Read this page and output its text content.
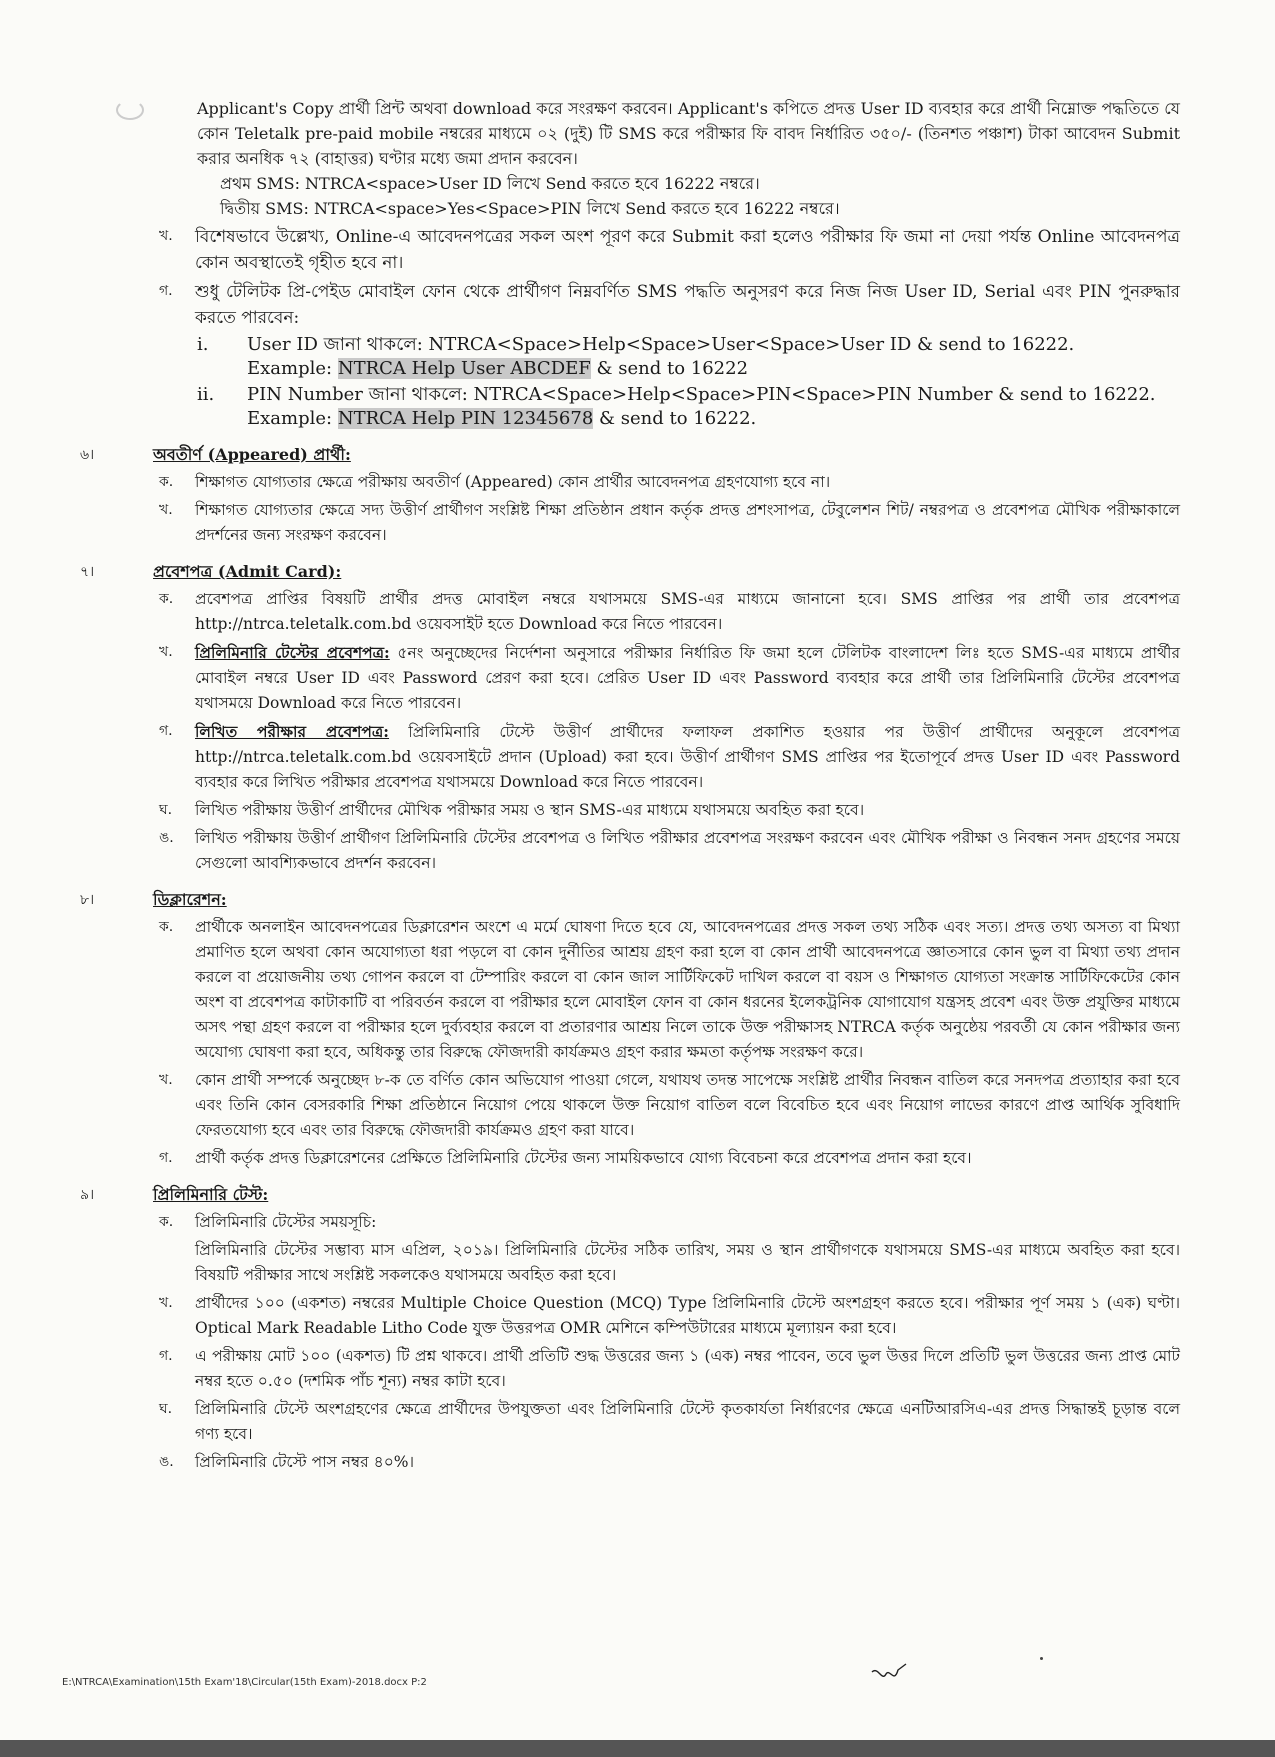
Applicant's Copy প্রার্থী প্রিন্ট অথবা download করে সংরক্ষণ করবেন। Applicant's কপিতে প্রদত্ত User ID ব্যবহার করে প্রার্থী নিম্নোক্ত পদ্ধতিতে যে কোন Teletalk pre-paid mobile নম্বরের মাধ্যমে ০২ (দুই) টি SMS করে পরীক্ষার ফি বাবদ নির্ধারিত ৩৫০/- (তিনশত পঞ্চাশ) টাকা আবেদন Submit করার অনধিক ৭২ (বাহাত্তর) ঘণ্টার মধ্যে জমা প্রদান করবেন।

প্রথম SMS: NTRCA<space>User ID লিখে Send করতে হবে 16222 নম্বরে।

দ্বিতীয় SMS: NTRCA<space>Yes<Space>PIN লিখে Send করতে হবে 16222 নম্বরে।

খ. বিশেষভাবে উল্লেখ্য, Online-এ আবেদনপত্রের সকল অংশ পূরণ করে Submit করা হলেও পরীক্ষার ফি জমা না দেয়া পর্যন্ত Online আবেদনপত্র কোন অবস্থাতেই গৃহীত হবে না।

গ. শুধু টেলিটক প্রি-পেইড মোবাইল ফোন থেকে প্রার্থীগণ নিম্নবর্ণিত SMS পদ্ধতি অনুসরণ করে নিজ নিজ User ID, Serial এবং PIN পুনরুদ্ধার করতে পারবেন:

i. User ID জানা থাকলে: NTRCA<Space>Help<Space>User<Space>User ID & send to 16222.

Example: NTRCA Help User ABCDEF & send to 16222

ii. PIN Number জানা থাকলে: NTRCA<Space>Help<Space>PIN<Space>PIN Number & send to 16222.

Example: NTRCA Help PIN 12345678 & send to 16222.

৬।	অবতীর্ণ (Appeared) প্রার্থী:

ক. শিক্ষাগত যোগ্যতার ক্ষেত্রে পরীক্ষায় অবতীর্ণ (Appeared) কোন প্রার্থীর আবেদনপত্র গ্রহণযোগ্য হবে না।

খ. শিক্ষাগত যোগ্যতার ক্ষেত্রে সদ্য উত্তীর্ণ প্রার্থীগণ সংশ্লিষ্ট শিক্ষা প্রতিষ্ঠান প্রধান কর্তৃক প্রদত্ত প্রশংসাপত্র, টেবুলেশন শিট/ নম্বরপত্র ও প্রবেশপত্র মৌখিক পরীক্ষাকালে প্রদর্শনের জন্য সংরক্ষণ করবেন।

৭।	প্রবেশপত্র (Admit Card):

ক. প্রবেশপত্র প্রাপ্তির বিষয়টি প্রার্থীর প্রদত্ত মোবাইল নম্বরে যথাসময়ে SMS-এর মাধ্যমে জানানো হবে। SMS প্রাপ্তির পর প্রার্থী তার প্রবেশপত্র http://ntrca.teletalk.com.bd ওয়েবসাইট হতে Download করে নিতে পারবেন।

খ. প্রিলিমিনারি টেস্টের প্রবেশপত্র: ৫নং অনুচ্ছেদের নির্দেশনা অনুসারে পরীক্ষার নির্ধারিত ফি জমা হলে টেলিটক বাংলাদেশ লিঃ হতে SMS-এর মাধ্যমে প্রার্থীর মোবাইল নম্বরে User ID এবং Password প্রেরণ করা হবে। প্রেরিত User ID এবং Password ব্যবহার করে প্রার্থী তার প্রিলিমিনারি টেস্টের প্রবেশপত্র যথাসময়ে Download করে নিতে পারবেন।

গ. লিখিত পরীক্ষার প্রবেশপত্র: প্রিলিমিনারি টেস্টে উত্তীর্ণ প্রার্থীদের ফলাফল প্রকাশিত হওয়ার পর উত্তীর্ণ প্রার্থীদের অনুকূলে প্রবেশপত্র http://ntrca.teletalk.com.bd ওয়েবসাইটে প্রদান (Upload) করা হবে। উত্তীর্ণ প্রার্থীগণ SMS প্রাপ্তির পর ইতোপূর্বে প্রদত্ত User ID এবং Password ব্যবহার করে লিখিত পরীক্ষার প্রবেশপত্র যথাসময়ে Download করে নিতে পারবেন।

ঘ. লিখিত পরীক্ষায় উত্তীর্ণ প্রার্থীদের মৌখিক পরীক্ষার সময় ও স্থান SMS-এর মাধ্যমে যথাসময়ে অবহিত করা হবে।

ঙ. লিখিত পরীক্ষায় উত্তীর্ণ প্রার্থীগণ প্রিলিমিনারি টেস্টের প্রবেশপত্র ও লিখিত পরীক্ষার প্রবেশপত্র সংরক্ষণ করবেন এবং মৌখিক পরীক্ষা ও নিবন্ধন সনদ গ্রহণের সময়ে সেগুলো আবশ্যিকভাবে প্রদর্শন করবেন।

৮।	ডিক্লারেশন:

ক. প্রার্থীকে অনলাইন আবেদনপত্রের ডিক্লারেশন অংশে এ মর্মে ঘোষণা দিতে হবে যে, আবেদনপত্রের প্রদত্ত সকল তথ্য সঠিক এবং সত্য। প্রদত্ত তথ্য অসত্য বা মিথ্যা প্রমাণিত হলে অথবা কোন অযোগ্যতা ধরা পড়লে বা কোন দুর্নীতির আশ্রয় গ্রহণ করা হলে বা কোন প্রার্থী আবেদনপত্রে জ্ঞাতসারে কোন ভুল বা মিথ্যা তথ্য প্রদান করলে বা প্রয়োজনীয় তথ্য গোপন করলে বা টেম্পারিং করলে বা কোন জাল সার্টিফিকেট দাখিল করলে বা বয়স ও শিক্ষাগত যোগ্যতা সংক্রান্ত সার্টিফিকেটের কোন অংশ বা প্রবেশপত্র কাটাকাটি বা পরিবর্তন করলে বা পরীক্ষার হলে মোবাইল ফোন বা কোন ধরনের ইলেকট্রনিক যোগাযোগ যন্ত্রসহ প্রবেশ এবং উক্ত প্রযুক্তির মাধ্যমে অসৎ পন্থা গ্রহণ করলে বা পরীক্ষার হলে দুর্ব্যবহার করলে বা প্রতারণার আশ্রয় নিলে তাকে উক্ত পরীক্ষাসহ NTRCA কর্তৃক অনুষ্ঠেয় পরবর্তী যে কোন পরীক্ষার জন্য অযোগ্য ঘোষণা করা হবে, অধিকন্তু তার বিরুদ্ধে ফৌজদারী কার্যক্রমও গ্রহণ করার ক্ষমতা কর্তৃপক্ষ সংরক্ষণ করে।

খ. কোন প্রার্থী সম্পর্কে অনুচ্ছেদ ৮-ক তে বর্ণিত কোন অভিযোগ পাওয়া গেলে, যথাযথ তদন্ত সাপেক্ষে সংশ্লিষ্ট প্রার্থীর নিবন্ধন বাতিল করে সনদপত্র প্রত্যাহার করা হবে এবং তিনি কোন বেসরকারি শিক্ষা প্রতিষ্ঠানে নিয়োগ পেয়ে থাকলে উক্ত নিয়োগ বাতিল বলে বিবেচিত হবে এবং নিয়োগ লাভের কারণে প্রাপ্ত আর্থিক সুবিধাদি ফেরতযোগ্য হবে এবং তার বিরুদ্ধে ফৌজদারী কার্যক্রমও গ্রহণ করা যাবে।

গ. প্রার্থী কর্তৃক প্রদত্ত ডিক্লারেশনের প্রেক্ষিতে প্রিলিমিনারি টেস্টের জন্য সাময়িকভাবে যোগ্য বিবেচনা করে প্রবেশপত্র প্রদান করা হবে।

৯।	প্রিলিমিনারি টেস্ট:

ক. প্রিলিমিনারি টেস্টের সময়সূচি:

প্রিলিমিনারি টেস্টের সম্ভাব্য মাস এপ্রিল, ২০১৯। প্রিলিমিনারি টেস্টের সঠিক তারিখ, সময় ও স্থান প্রার্থীগণকে যথাসময়ে SMS-এর মাধ্যমে অবহিত করা হবে। বিষয়টি পরীক্ষার সাথে সংশ্লিষ্ট সকলকেও যথাসময়ে অবহিত করা হবে।

খ. প্রার্থীদের ১০০ (একশত) নম্বরের Multiple Choice Question (MCQ) Type প্রিলিমিনারি টেস্টে অংশগ্রহণ করতে হবে। পরীক্ষার পূর্ণ সময় ১ (এক) ঘণ্টা। Optical Mark Readable Litho Code যুক্ত উত্তরপত্র OMR মেশিনে কম্পিউটারের মাধ্যমে মূল্যায়ন করা হবে।

গ. এ পরীক্ষায় মোট ১০০ (একশত) টি প্রশ্ন থাকবে। প্রার্থী প্রতিটি শুদ্ধ উত্তরের জন্য ১ (এক) নম্বর পাবেন, তবে ভুল উত্তর দিলে প্রতিটি ভুল উত্তরের জন্য প্রাপ্ত মোট নম্বর হতে ০.৫০ (দশমিক পাঁচ শূন্য) নম্বর কাটা হবে।

ঘ. প্রিলিমিনারি টেস্টে অংশগ্রহণের ক্ষেত্রে প্রার্থীদের উপযুক্ততা এবং প্রিলিমিনারি টেস্টে কৃতকার্যতা নির্ধারণের ক্ষেত্রে এনটিআরসিএ-এর প্রদত্ত সিদ্ধান্তই চূড়ান্ত বলে গণ্য হবে।

ঙ. প্রিলিমিনারি টেস্টে পাস নম্বর ৪০%।

E:\NTRCA\Examination\15th Exam'18\Circular(15th Exam)-2018.docx P:2
